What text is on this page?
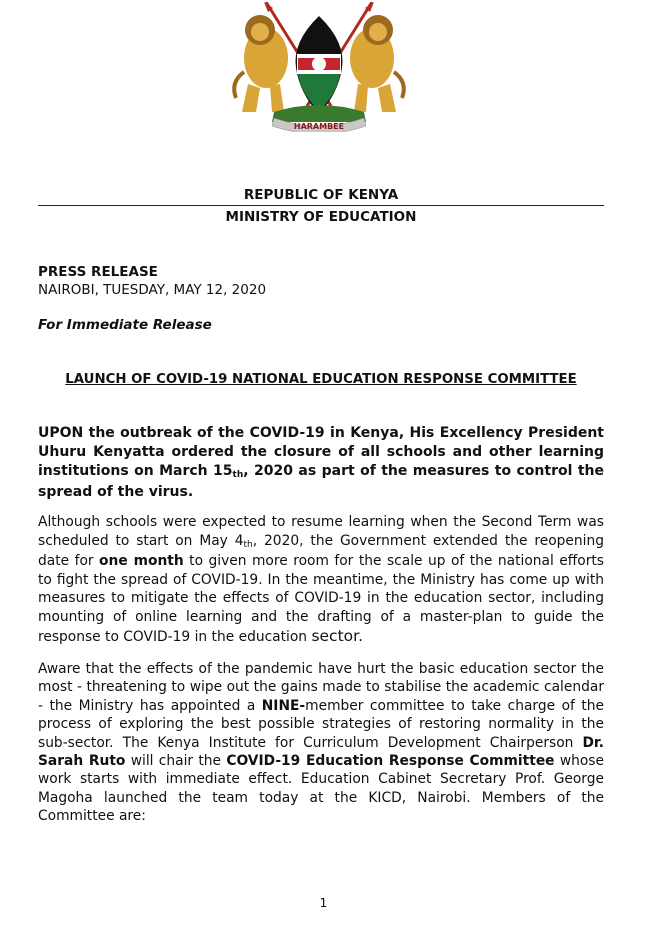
HARAMBEE
REPUBLIC OF KENYA
MINISTRY OF EDUCATION
PRESS RELEASE
NAIROBI, TUESDAY, MAY 12, 2020
For Immediate Release
LAUNCH OF COVID-19 NATIONAL EDUCATION RESPONSE COMMITTEE
UPON the outbreak of the COVID-19 in Kenya, His Excellency President Uhuru Kenyatta ordered the closure of all schools and other learning institutions on March $15_{th}$, 2020 as part of the measures to control the spread of the virus.
Although schools were expected to resume learning when the Second Term was scheduled to start on May $4_{th}$, 2020, the Government extended the reopening date for one month to given more room for the scale up of the national efforts to fight the spread of COVID-19. In the meantime, the Ministry has come up with measures to mitigate the effects of COVID-19 in the education sector, including mounting of online learning and the drafting of a master-plan to guide the response to COVID-19 in the education sector.
Aware that the effects of the pandemic have hurt the basic education sector the most - threatening to wipe out the gains made to stabilise the academic calendar - the Ministry has appointed a NINE-member committee to take charge of the process of exploring the best possible strategies of restoring normality in the sub-sector. The Kenya Institute for Curriculum Development Chairperson Dr. Sarah Ruto will chair the COVID-19 Education Response Committee whose work starts with immediate effect. Education Cabinet Secretary Prof. George Magoha launched the team today at the KICD, Nairobi. Members of the Committee are:
1
